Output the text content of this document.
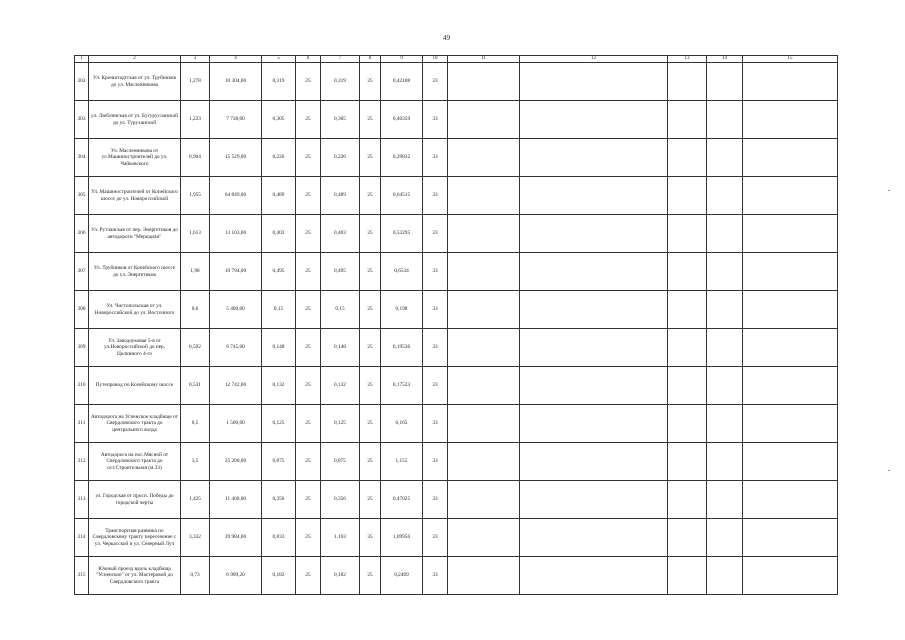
49
1	2	3	4	5	6	7	8	9	10	11	12	13	14	15
302	Ул. Кронштадтская от ул. Трубников до ул. Масленникова	1,278	10 304,00	0,319	25	0,319	25	0,42108	33					
303	ул. Люблинская от ул. Бугурусланской до ул. Туруханской	1,223	7 738,00	0,305	25	0,305	25	0,40359	33					
304	Ул. Масленникова от ул.Машиностроителей до ул. Чайковского	0,904	15 529,00	0,226	25	0,226	25	0,29832	33					
305	Ул. Машиностроителей от Копейского шоссе до ул. Новороссийской	1,955	64 849,00	0,489	25	0,489	25	0,64515	33					
306	Ул. Рутланская от пер. Энергетиков до автодороги "Меридиан"	1,613	13 103,00	0,403	25	0,403	25	0,53295	33					
307	Ул. Трубников от Копейского шоссе до ул. Энергетиков	1,98	10 794,00	0,495	25	0,495	25	0,6534	33					
308	Ул. Чистопольская от ул. Новороссийской до ул. Восточного	0,6	5 400,00	0,15	25	0,15	25	0,198	33					
309	Ул. Заводоуковая 5-я от ул.Новороссийской до пер. Целинного 4-го	0,592	6 745,00	0,148	25	0,148	25	0,19536	33					
310	Путепровод по Копейскому шоссе	0,531	12 742,00	0,132	25	0,132	25	0,17523	33					
311	Автодорога на Успенское кладбище от Свердловского тракта до центрального входа	0,5	1 500,00	0,125	25	0,125	25	0,165	33					
312	Автодорога на пос.Мясной от Свердловского тракта до ост.Строительная (м.33)	3,5	25 200,00	0,875	25	0,875	25	1,155	33					
313	ул. Городская от просп. Победы до городской черты	1,425	11 400,00	0,356	25	0,356	25	0,47025	33					
314	Транспортная развязка по Свердловскому тракту пересечение с ул. Черкасской и ул. Северный Луч	3,332	39 984,00	0,833	25	1,163	35	1,09956	33					
315	Южный проезд вдоль кладбища "Успенское" от ул. Мастеровой до Свердловского тракта	0,73	6 909,20	0,182	25	0,182	25	0,2409	33					
